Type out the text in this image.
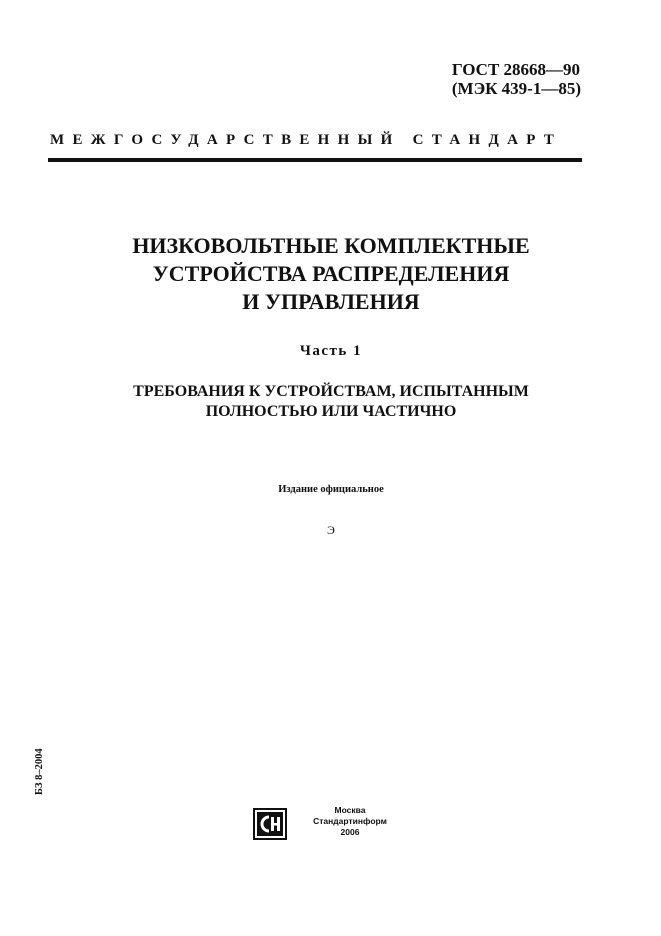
ГОСТ 28668—90
(МЭК 439-1—85)
МЕЖГОСУДАРСТВЕННЫЙ СТАНДАРТ
НИЗКОВОЛЬТНЫЕ КОМПЛЕКТНЫЕ
УСТРОЙСТВА РАСПРЕДЕЛЕНИЯ
И УПРАВЛЕНИЯ
Часть 1
ТРЕБОВАНИЯ К УСТРОЙСТВАМ, ИСПЫТАННЫМ
ПОЛНОСТЬЮ ИЛИ ЧАСТИЧНО
Издание официальное
Э
БЗ 8–2004
Москва
Стандартинформ
2006
